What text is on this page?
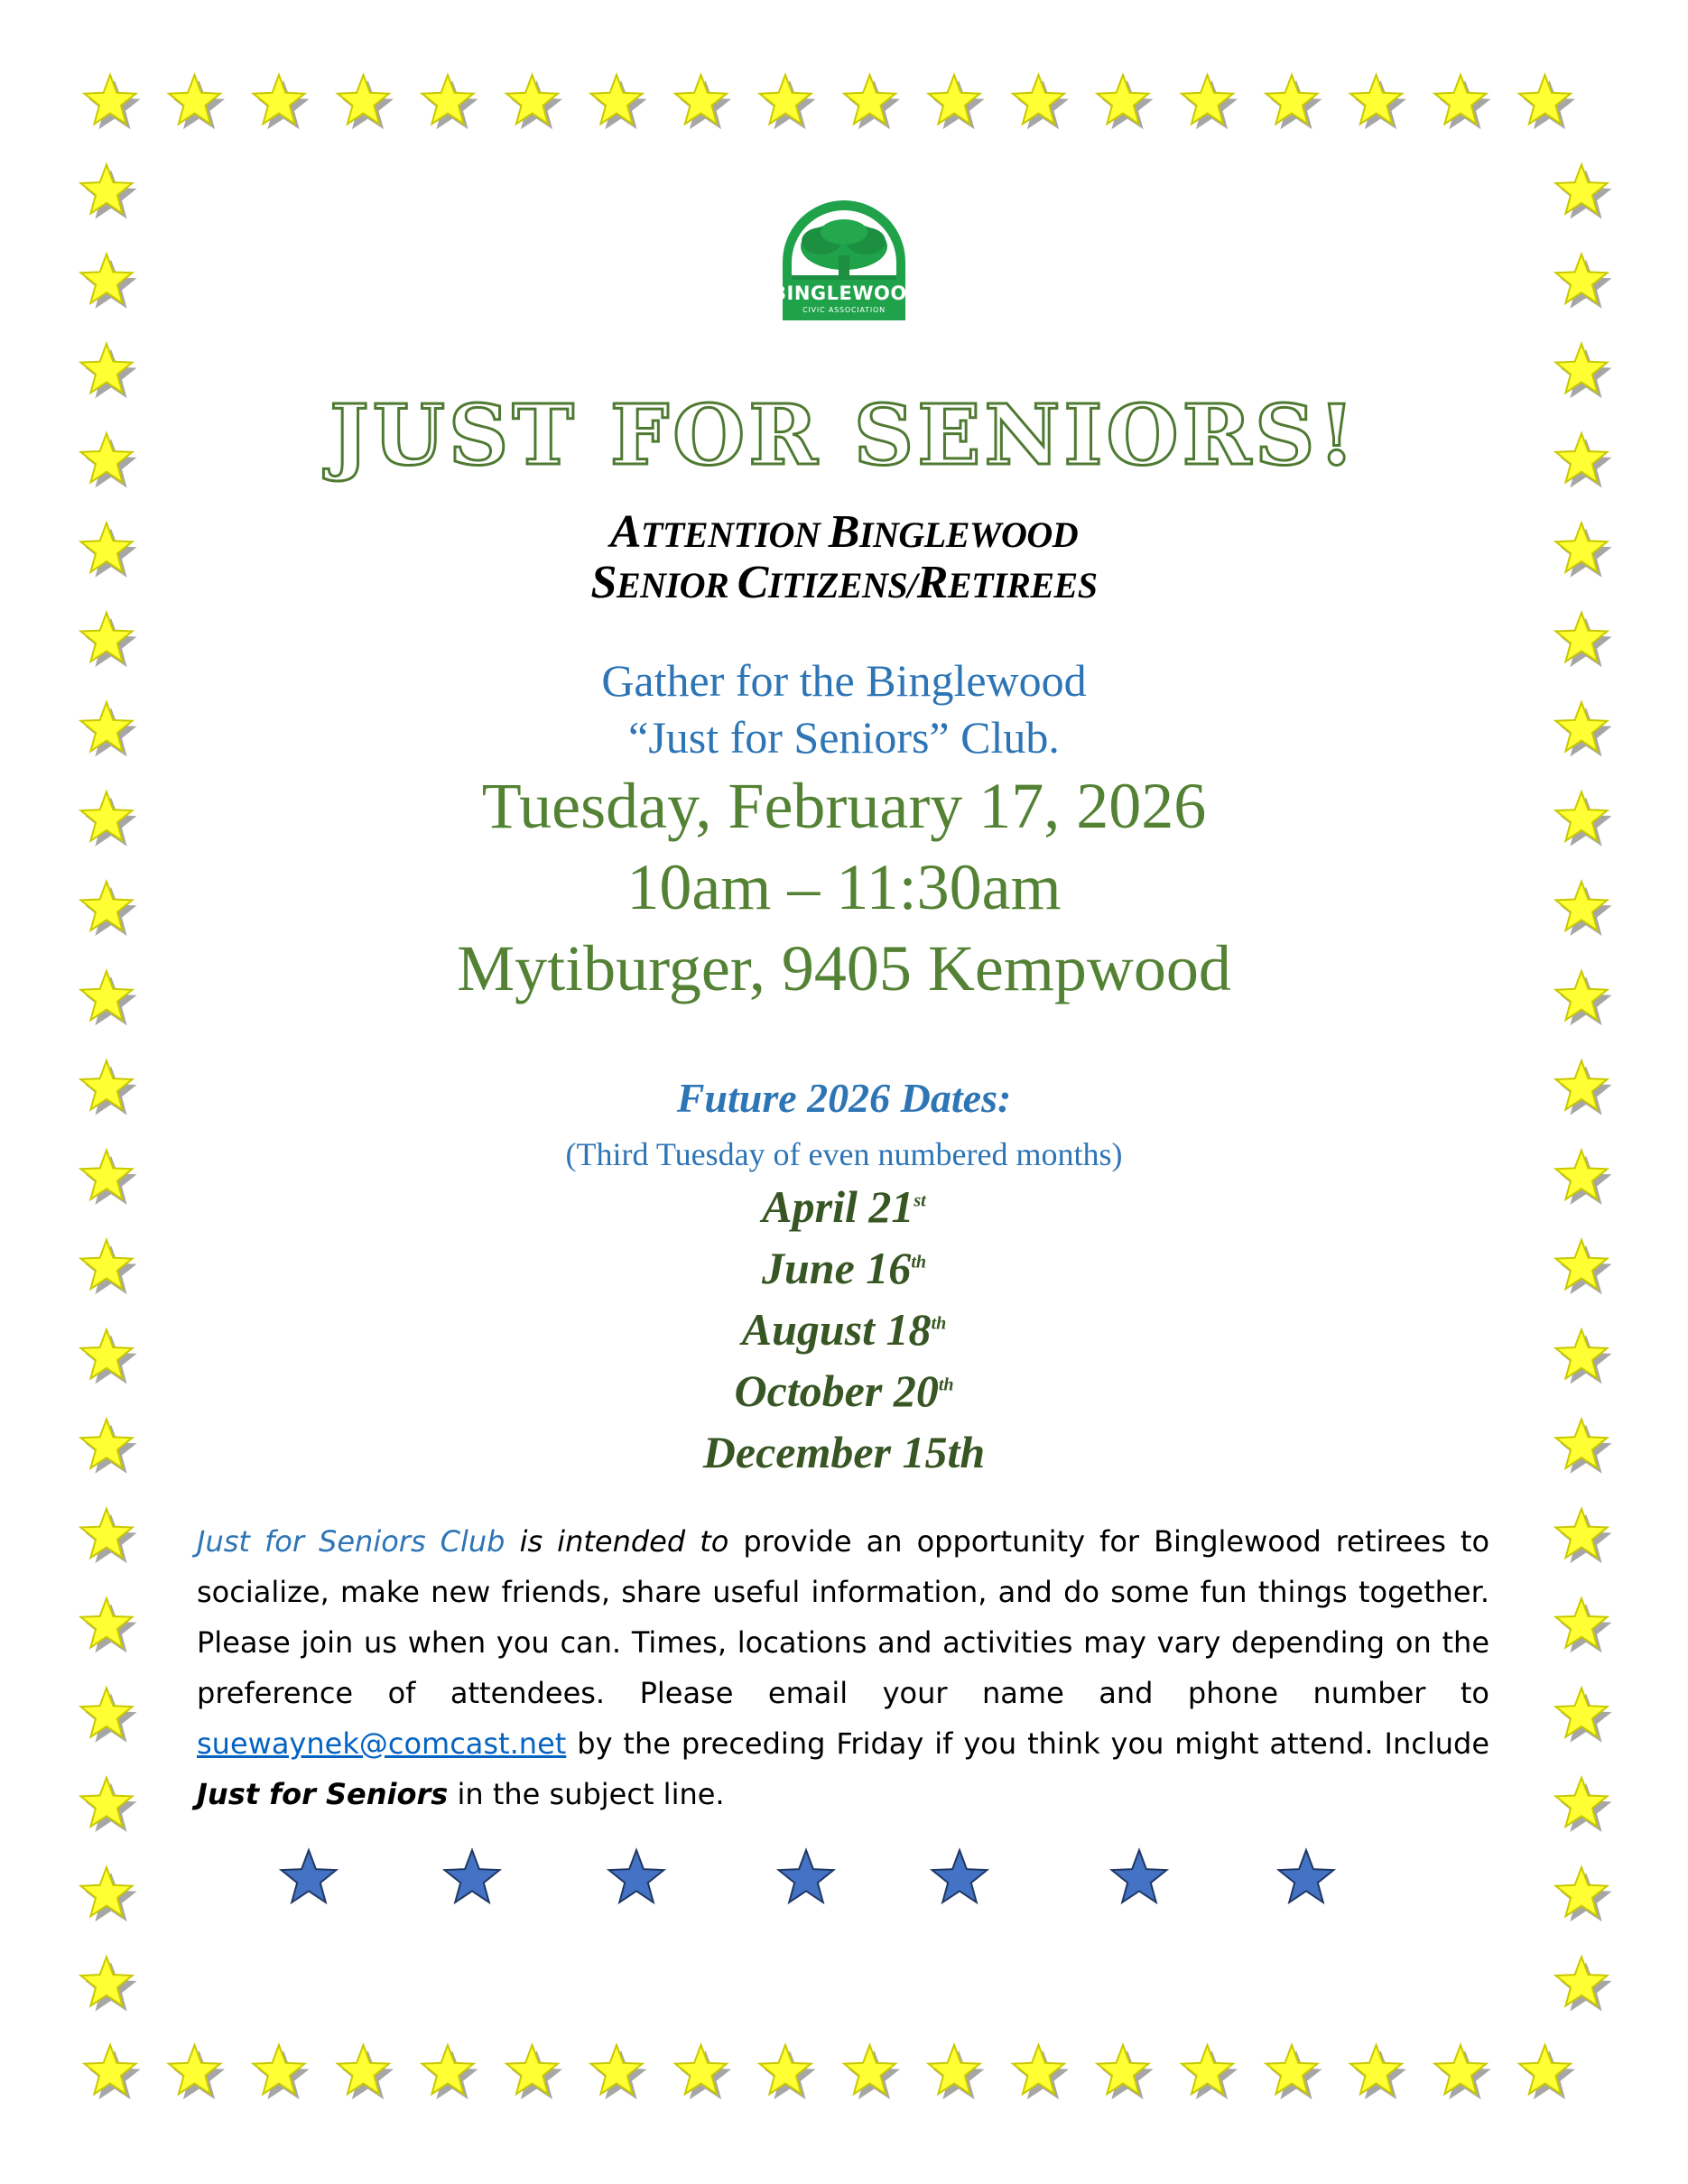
BINGLEWOOD
CIVIC ASSOCIATION
JUST FOR SENIORS!
ATTENTION BINGLEWOOD
SENIOR CITIZENS/RETIREES
Gather for the Binglewood
“Just for Seniors” Club.
Tuesday, February 17, 2026
10am – 11:30am
Mytiburger, 9405 Kempwood
Future 2026 Dates:
(Third Tuesday of even numbered months)
April 21st
June 16th
August 18th
October 20th
December 15th
Just for Seniors Club is intended to provide an opportunity for Binglewood retirees to socialize, make new friends, share useful information, and do some fun things together. Please join us when you can. Times, locations and activities may vary depending on the preference of attendees. Please email your name and phone number to suewaynek@comcast.net by the preceding Friday if you think you might attend. Include Just for Seniors in the subject line.
